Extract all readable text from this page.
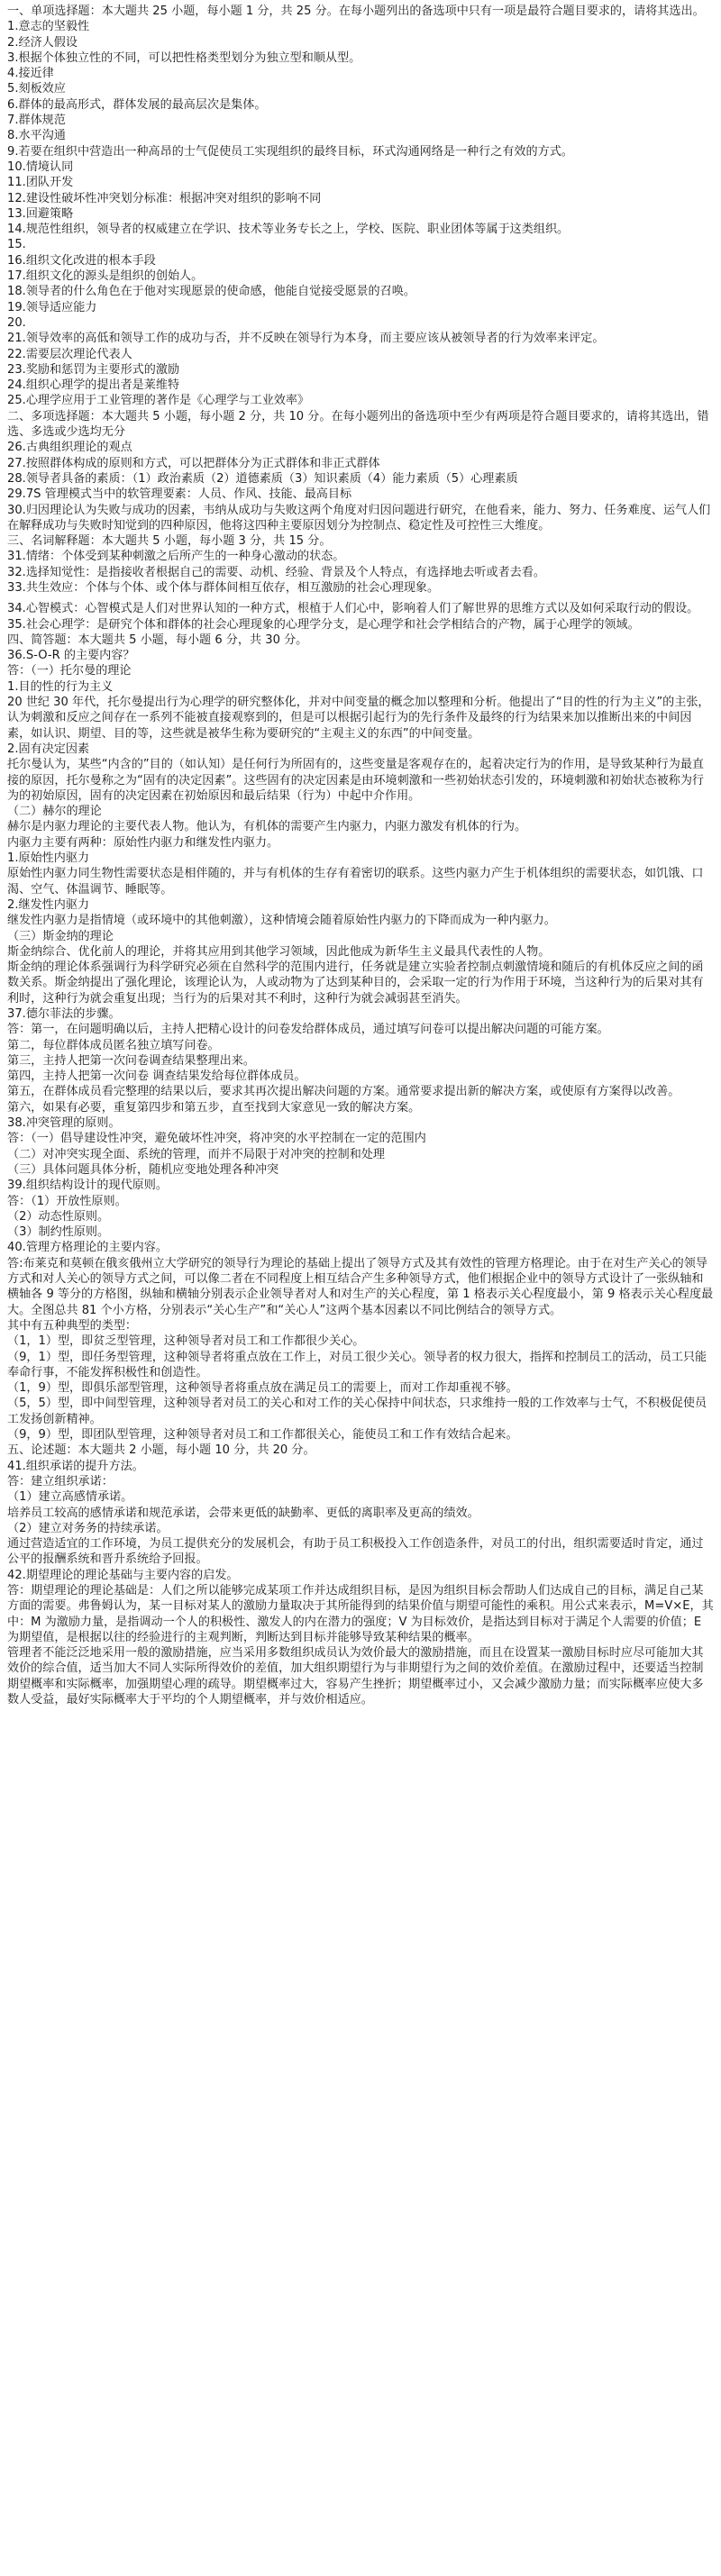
一、单项选择题：本大题共 25 小题，每小题 1 分，共 25 分。在每小题列出的备选项中只有一项是最符合题目要求的，请将其选出。

1.意志的坚毅性

2.经济人假设

3.根据个体独立性的不同，可以把性格类型划分为独立型和顺从型。

4.接近律

5.刻板效应

6.群体的最高形式，群体发展的最高层次是集体。

7.群体规范

8.水平沟通

9.若要在组织中营造出一种高昂的士气促使员工实现组织的最终目标，环式沟通网络是一种行之有效的方式。

10.情境认同

11.团队开发

12.建设性破坏性冲突划分标准：根据冲突对组织的影响不同

13.回避策略

14.规范性组织，领导者的权威建立在学识、技术等业务专长之上，学校、医院、职业团体等属于这类组织。

15.

16.组织文化改进的根本手段

17.组织文化的源头是组织的创始人。

18.领导者的什么角色在于他对实现愿景的使命感，他能自觉接受愿景的召唤。

19.领导适应能力

20.

21.领导效率的高低和领导工作的成功与否，并不反映在领导行为本身，而主要应该从被领导者的行为效率来评定。

22.需要层次理论代表人

23.奖励和惩罚为主要形式的激励

24.组织心理学的提出者是莱维特

25.心理学应用于工业管理的著作是《心理学与工业效率》

二、多项选择题：本大题共 5 小题，每小题 2 分，共 10 分。在每小题列出的备选项中至少有两项是符合题目要求的，请将其选出，错选、多选或少选均无分

26.古典组织理论的观点

27.按照群体构成的原则和方式，可以把群体分为正式群体和非正式群体

28.领导者具备的素质：（1）政治素质（2）道德素质（3）知识素质（4）能力素质（5）心理素质

29.7S 管理模式当中的软管理要素：人员、作风、技能、最高目标

30.归因理论认为失败与成功的因素，韦纳从成功与失败这两个角度对归因问题进行研究，在他看来，能力、努力、任务难度、运气人们在解释成功与失败时知觉到的四种原因，他将这四种主要原因划分为控制点、稳定性及可控性三大维度。

三、名词解释题：本大题共 5 小题，每小题 3 分，共 15 分。

31.情绪：个体受到某种刺激之后所产生的一种身心激动的状态。

32.选择知觉性：是指接收者根据自己的需要、动机、经验、背景及个人特点，有选择地去听或者去看。

33.共生效应：个体与个体、或个体与群体间相互依存，相互激励的社会心理现象。

34.心智模式：心智模式是人们对世界认知的一种方式，根植于人们心中，影响着人们了解世界的思维方式以及如何采取行动的假设。

35.社会心理学：是研究个体和群体的社会心理现象的心理学分支，是心理学和社会学相结合的产物，属于心理学的领域。

四、简答题：本大题共 5 小题，每小题 6 分，共 30 分。

36.S-O-R 的主要内容？

答：（一）托尔曼的理论

1.目的性的行为主义

20 世纪 30 年代，托尔曼提出行为心理学的研究整体化，并对中间变量的概念加以整理和分析。他提出了“目的性的行为主义”的主张，认为刺激和反应之间存在一系列不能被直接观察到的，但是可以根据引起行为的先行条件及最终的行为结果来加以推断出来的中间因素，如认识、期望、目的等，这些就是被华生称为要研究的“主观主义的东西”的中间变量。

2.固有决定因素

托尔曼认为，某些“内含的”目的（如认知）是任何行为所固有的，这些变量是客观存在的，起着决定行为的作用，是导致某种行为最直接的原因，托尔曼称之为“固有的决定因素”。这些固有的决定因素是由环境刺激和一些初始状态引发的，环境刺激和初始状态被称为行为的初始原因，固有的决定因素在初始原因和最后结果（行为）中起中介作用。

（二）赫尔的理论

赫尔是内驱力理论的主要代表人物。他认为，有机体的需要产生内驱力，内驱力激发有机体的行为。

内驱力主要有两种：原始性内驱力和继发性内驱力。

1.原始性内驱力

原始性内驱力同生物性需要状态是相伴随的，并与有机体的生存有着密切的联系。这些内驱力产生于机体组织的需要状态，如饥饿、口渴、空气、体温调节、睡眠等。

2.继发性内驱力

继发性内驱力是指情境（或环境中的其他刺激），这种情境会随着原始性内驱力的下降而成为一种内驱力。

（三）斯金纳的理论

斯金纳综合、优化前人的理论，并将其应用到其他学习领域，因此他成为新华生主义最具代表性的人物。

斯金纳的理论体系强调行为科学研究必须在自然科学的范围内进行，任务就是建立实验者控制点刺激情境和随后的有机体反应之间的函数关系。斯金纳提出了强化理论，该理论认为，人或动物为了达到某种目的，会采取一定的行为作用于环境，当这种行为的后果对其有利时，这种行为就会重复出现；当行为的后果对其不利时，这种行为就会减弱甚至消失。

37.德尔菲法的步骤。

答：第一，在问题明确以后，主持人把精心设计的问卷发给群体成员，通过填写问卷可以提出解决问题的可能方案。

第二，每位群体成员匿名独立填写问卷。

第三，主持人把第一次问卷调查结果整理出来。

第四，主持人把第一次问卷 调查结果发给每位群体成员。

第五，在群体成员看完整理的结果以后，要求其再次提出解决问题的方案。通常要求提出新的解决方案，或使原有方案得以改善。

第六，如果有必要，重复第四步和第五步，直至找到大家意见一致的解决方案。

38.冲突管理的原则。

答：（一）倡导建设性冲突，避免破坏性冲突，将冲突的水平控制在一定的范围内

（二）对冲突实现全面、系统的管理，而并不局限于对冲突的控制和处理

（三）具体问题具体分析，随机应变地处理各种冲突

39.组织结构设计的现代原则。

答：（1）开放性原则。

（2）动态性原则。

（3）制约性原则。

40.管理方格理论的主要内容。

答:布莱克和莫顿在俄亥俄州立大学研究的领导行为理论的基础上提出了领导方式及其有效性的管理方格理论。由于在对生产关心的领导方式和对人关心的领导方式之间，可以像二者在不同程度上相互结合产生多种领导方式，他们根据企业中的领导方式设计了一张纵轴和横轴各 9 等分的方格图，纵轴和横轴分别表示企业领导者对人和对生产的关心程度，第 1 格表示关心程度最小，第 9 格表示关心程度最大。全图总共 81 个小方格，分别表示“关心生产”和“关心人”这两个基本因素以不同比例结合的领导方式。

其中有五种典型的类型：

（1，1）型，即贫乏型管理，这种领导者对员工和工作都很少关心。

（9，1）型，即任务型管理，这种领导者将重点放在工作上，对员工很少关心。领导者的权力很大，指挥和控制员工的活动，员工只能奉命行事，不能发挥积极性和创造性。

（1，9）型，即俱乐部型管理，这种领导者将重点放在满足员工的需要上，而对工作却重视不够。

（5，5）型，即中间型管理，这种领导者对员工的关心和对工作的关心保持中间状态，只求维持一般的工作效率与士气，不积极促使员工发扬创新精神。

（9，9）型，即团队型管理，这种领导者对员工和工作都很关心，能使员工和工作有效结合起来。

五、论述题：本大题共 2 小题，每小题 10 分，共 20 分。

41.组织承诺的提升方法。

答：建立组织承诺：

（1）建立高感情承诺。

培养员工较高的感情承诺和规范承诺，会带来更低的缺勤率、更低的离职率及更高的绩效。

（2）建立对务务的持续承诺。

通过营造适宜的工作环境，为员工提供充分的发展机会，有助于员工积极投入工作创造条件，对员工的付出，组织需要适时肯定，通过公平的报酬系统和晋升系统给予回报。

42.期望理论的理论基础与主要内容的启发。

答：期望理论的理论基础是：人们之所以能够完成某项工作并达成组织目标，是因为组织目标会帮助人们达成自己的目标，满足自己某方面的需要。弗鲁姆认为，某一目标对某人的激励力量取决于其所能得到的结果价值与期望可能性的乘积。用公式来表示，M=V×E，其中：M 为激励力量，是指调动一个人的积极性、激发人的内在潜力的强度；V 为目标效价，是指达到目标对于满足个人需要的价值；E 为期望值，是根据以往的经验进行的主观判断，判断达到目标并能够导致某种结果的概率。

管理者不能泛泛地采用一般的激励措施，应当采用多数组织成员认为效价最大的激励措施，而且在设置某一激励目标时应尽可能加大其效价的综合值，适当加大不同人实际所得效价的差值，加大组织期望行为与非期望行为之间的效价差值。在激励过程中，还要适当控制期望概率和实际概率，加强期望心理的疏导。期望概率过大，容易产生挫折；期望概率过小，又会减少激励力量；而实际概率应使大多数人受益，最好实际概率大于平均的个人期望概率，并与效价相适应。
